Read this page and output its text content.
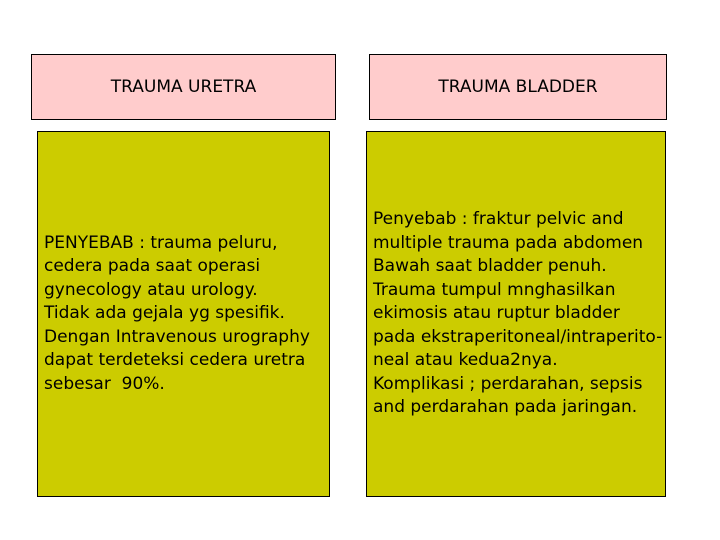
TRAUMA URETRA	TRAUMA BLADDER
PENYEBAB : trauma peluru,
cedera pada saat operasi
gynecology atau urology.
Tidak ada gejala yg spesifik.
Dengan Intravenous urography
dapat terdeteksi cedera uretra
sebesar  90%.
Penyebab : fraktur pelvic and
multiple trauma pada abdomen
Bawah saat bladder penuh.
Trauma tumpul mnghasilkan
ekimosis atau ruptur bladder
pada ekstraperitoneal/intraperito-
neal atau kedua2nya.
Komplikasi ; perdarahan, sepsis
and perdarahan pada jaringan.
